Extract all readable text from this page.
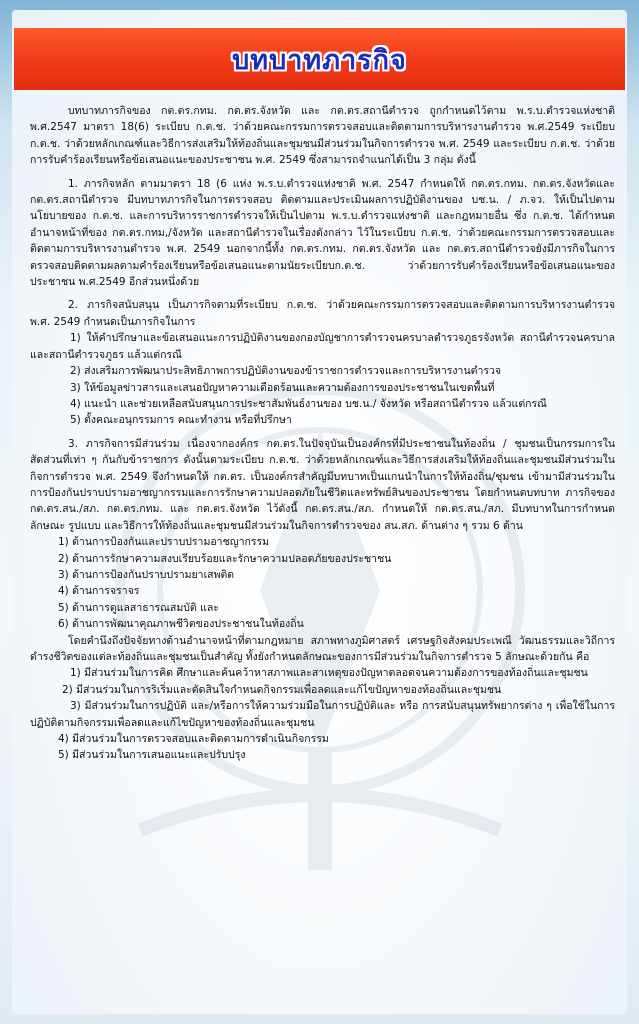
บทบาทภารกิจ

บทบาทภารกิจของ กต.ตร.กทม. กต.ตร.จังหวัด และ กต.ตร.สถานีตำรวจ ถูกกำหนดไว้ตาม พ.ร.บ.ตำรวจแห่งชาติ พ.ศ.2547 มาตรา 18(6) ระเบียบ ก.ต.ช. ว่าด้วยคณะกรรมการตรวจสอบและติดตามการบริหารงานตำรวจ พ.ศ.2549 ระเบียบ ก.ต.ช. ว่าด้วยหลักเกณฑ์และวิธีการส่งเสริมให้ท้องถิ่นและชุมชนมีส่วนร่วมในกิจการตำรวจ พ.ศ. 2549 และระเบียบ ก.ต.ช. ว่าด้วยการรับคำร้องเรียนหรือข้อเสนอแนะของประชาชน พ.ศ. 2549 ซึ่งสามารถจำแนกได้เป็น 3 กลุ่ม ดังนี้

1. ภารกิจหลัก ตามมาตรา 18 (6 แห่ง พ.ร.บ.ตำรวจแห่งชาติ พ.ศ. 2547 กำหนดให้ กต.ตร.กทม. กต.ตร.จังหวัดและ กต.ตร.สถานีตำรวจ มีบทบาทภารกิจในการตรวจสอบ ติดตามและประเมินผลการปฏิบัติงานของ บช.น. / ภ.จว. ให้เป็นไปตามนโยบายของ ก.ต.ช. และการบริหารราชการตำรวจให้เป็นไปตาม พ.ร.บ.ตำรวจแห่งชาติ และกฎหมายอื่น ซึ่ง ก.ต.ช. ได้กำหนดอำนาจหน้าที่ของ กต.ตร.กทม,/จังหวัด และสถานีตำรวจในเรื่องดังกล่าว ไว้ในระเบียบ ก.ต.ช. ว่าด้วยคณะกรรมการตรวจสอบและติดตามการบริหารงานตำรวจ พ.ศ. 2549 นอกจากนี้ทั้ง กต.ตร.กทม. กต.ตร.จังหวัด และ กต.ตร.สถานีตำรวจยังมีภารกิจในการตรวจสอบติดตามผลตามคำร้องเรียนหรือข้อเสนอแนะตามนัยระเบียบก.ต.ช. ว่าด้วยการรับคำร้องเรียนหรือข้อเสนอแนะของประชาชน พ.ศ.2549 อีกส่วนหนึ่งด้วย

2. ภารกิจสนับสนุน เป็นภารกิจตามที่ระเบียบ ก.ต.ช. ว่าด้วยคณะกรรมการตรวจสอบและติดตามการบริหารงานตำรวจ พ.ศ. 2549 กำหนดเป็นภารกิจในการ

1) ให้คำปรึกษาและข้อเสนอแนะการปฏิบัติงานของกองบัญชาการตำรวจนครบาลตำรวจภูธรจังหวัด สถานีตำรวจนครบาลและสถานีตำรวจภูธร แล้วแต่กรณี

2) ส่งเสริมการพัฒนาประสิทธิภาพการปฏิบัติงานของข้าราชการตำรวจและการบริหารงานตำรวจ

3) ให้ข้อมูลข่าวสารและเสนอปัญหาความเดือดร้อนและความต้องการของประชาชนในเขตพื้นที่

4) แนะนำ และช่วยเหลือสนับสนุนการประชาสัมพันธ์งานของ บช.น./ จังหวัด หรือสถานีตำรวจ แล้วแต่กรณี

5) ตั้งคณะอนุกรรมการ คณะทำงาน หรือที่ปรึกษา

3. ภารกิจการมีส่วนร่วม เนื่องจากองค์กร กต.ตร.ในปัจจุบันเป็นองค์กรที่มีประชาชนในท้องถิ่น / ชุมชนเป็นกรรมการในสัดส่วนที่เท่า ๆ กันกับข้าราชการ ดังนั้นตามระเบียบ ก.ต.ช. ว่าด้วยหลักเกณฑ์และวิธีการส่งเสริมให้ท้องถิ่นและชุมชนมีส่วนร่วมในกิจการตำรวจ พ.ศ. 2549 จึงกำหนดให้ กต.ตร. เป็นองค์กรสำคัญมีบทบาทเป็นแกนนำในการให้ท้องถิ่น/ชุมชน เข้ามามีส่วนร่วมในการป้องกันปราบปรามอาชญากรรมและการรักษาความปลอดภัยในชีวิตและทรัพย์สินของประชาชน โดยกำหนดบทบาท ภารกิจของ กต.ตร.สน./สภ. กต.ตร.กทม. และ กต.ตร.จังหวัด ไว้ดังนี้ กต.ตร.สน./สภ. กำหนดให้ กต.ตร.สน./สภ. มีบทบาทในการกำหนดลักษณะ รูปแบบ และวิธีการให้ท้องถิ่นและชุมชนมีส่วนร่วมในกิจการตำรวจของ สน.สภ. ด้านต่าง ๆ รวม 6 ด้าน

1) ด้านการป้องกันและปราบปรามอาชญากรรม

2) ด้านการรักษาความสงบเรียบร้อยและรักษาความปลอดภัยของประชาชน

3) ด้านการป้องกันปราบปรามยาเสพติด

4) ด้านการจราจร

5) ด้านการดูแลสาธารณสมบัติ และ

6) ด้านการพัฒนาคุณภาพชีวิตของประชาชนในท้องถิ่น

โดยคำนึงถึงปัจจัยทางด้านอำนาจหน้าที่ตามกฎหมาย สภาพทางภูมิศาสตร์ เศรษฐกิจสังคมประเพณี วัฒนธรรมและวิถีการดำรงชีวิตของแต่ละท้องถิ่นและชุมชนเป็นสำคัญ ทั้งยังกำหนดลักษณะของการมีส่วนร่วมในกิจการตำรวจ 5 ลักษณะด้วยกัน คือ

1) มีส่วนร่วมในการคิด ศึกษาและค้นคว้าหาสภาพและสาเหตุของปัญหาตลอดจนความต้องการของท้องถิ่นและชุมชน

2) มีส่วนร่วมในการริเริ่มและตัดสินใจกำหนดกิจกรรมเพื่อลดและแก้ไขปัญหาของท้องถิ่นและชุมชน

3) มีส่วนร่วมในการปฏิบัติ และ/หรือการให้ความร่วมมือในการปฏิบัติและ หรือ การสนับสนุนทรัพยากรต่าง ๆ เพื่อใช้ในการปฏิบัติตามกิจกรรมเพื่อลดและแก้ไขปัญหาของท้องถิ่นและชุมชน

4) มีส่วนร่วมในการตรวจสอบและติดตามการดำเนินกิจกรรม

5) มีส่วนร่วมในการเสนอแนะและปรับปรุง
